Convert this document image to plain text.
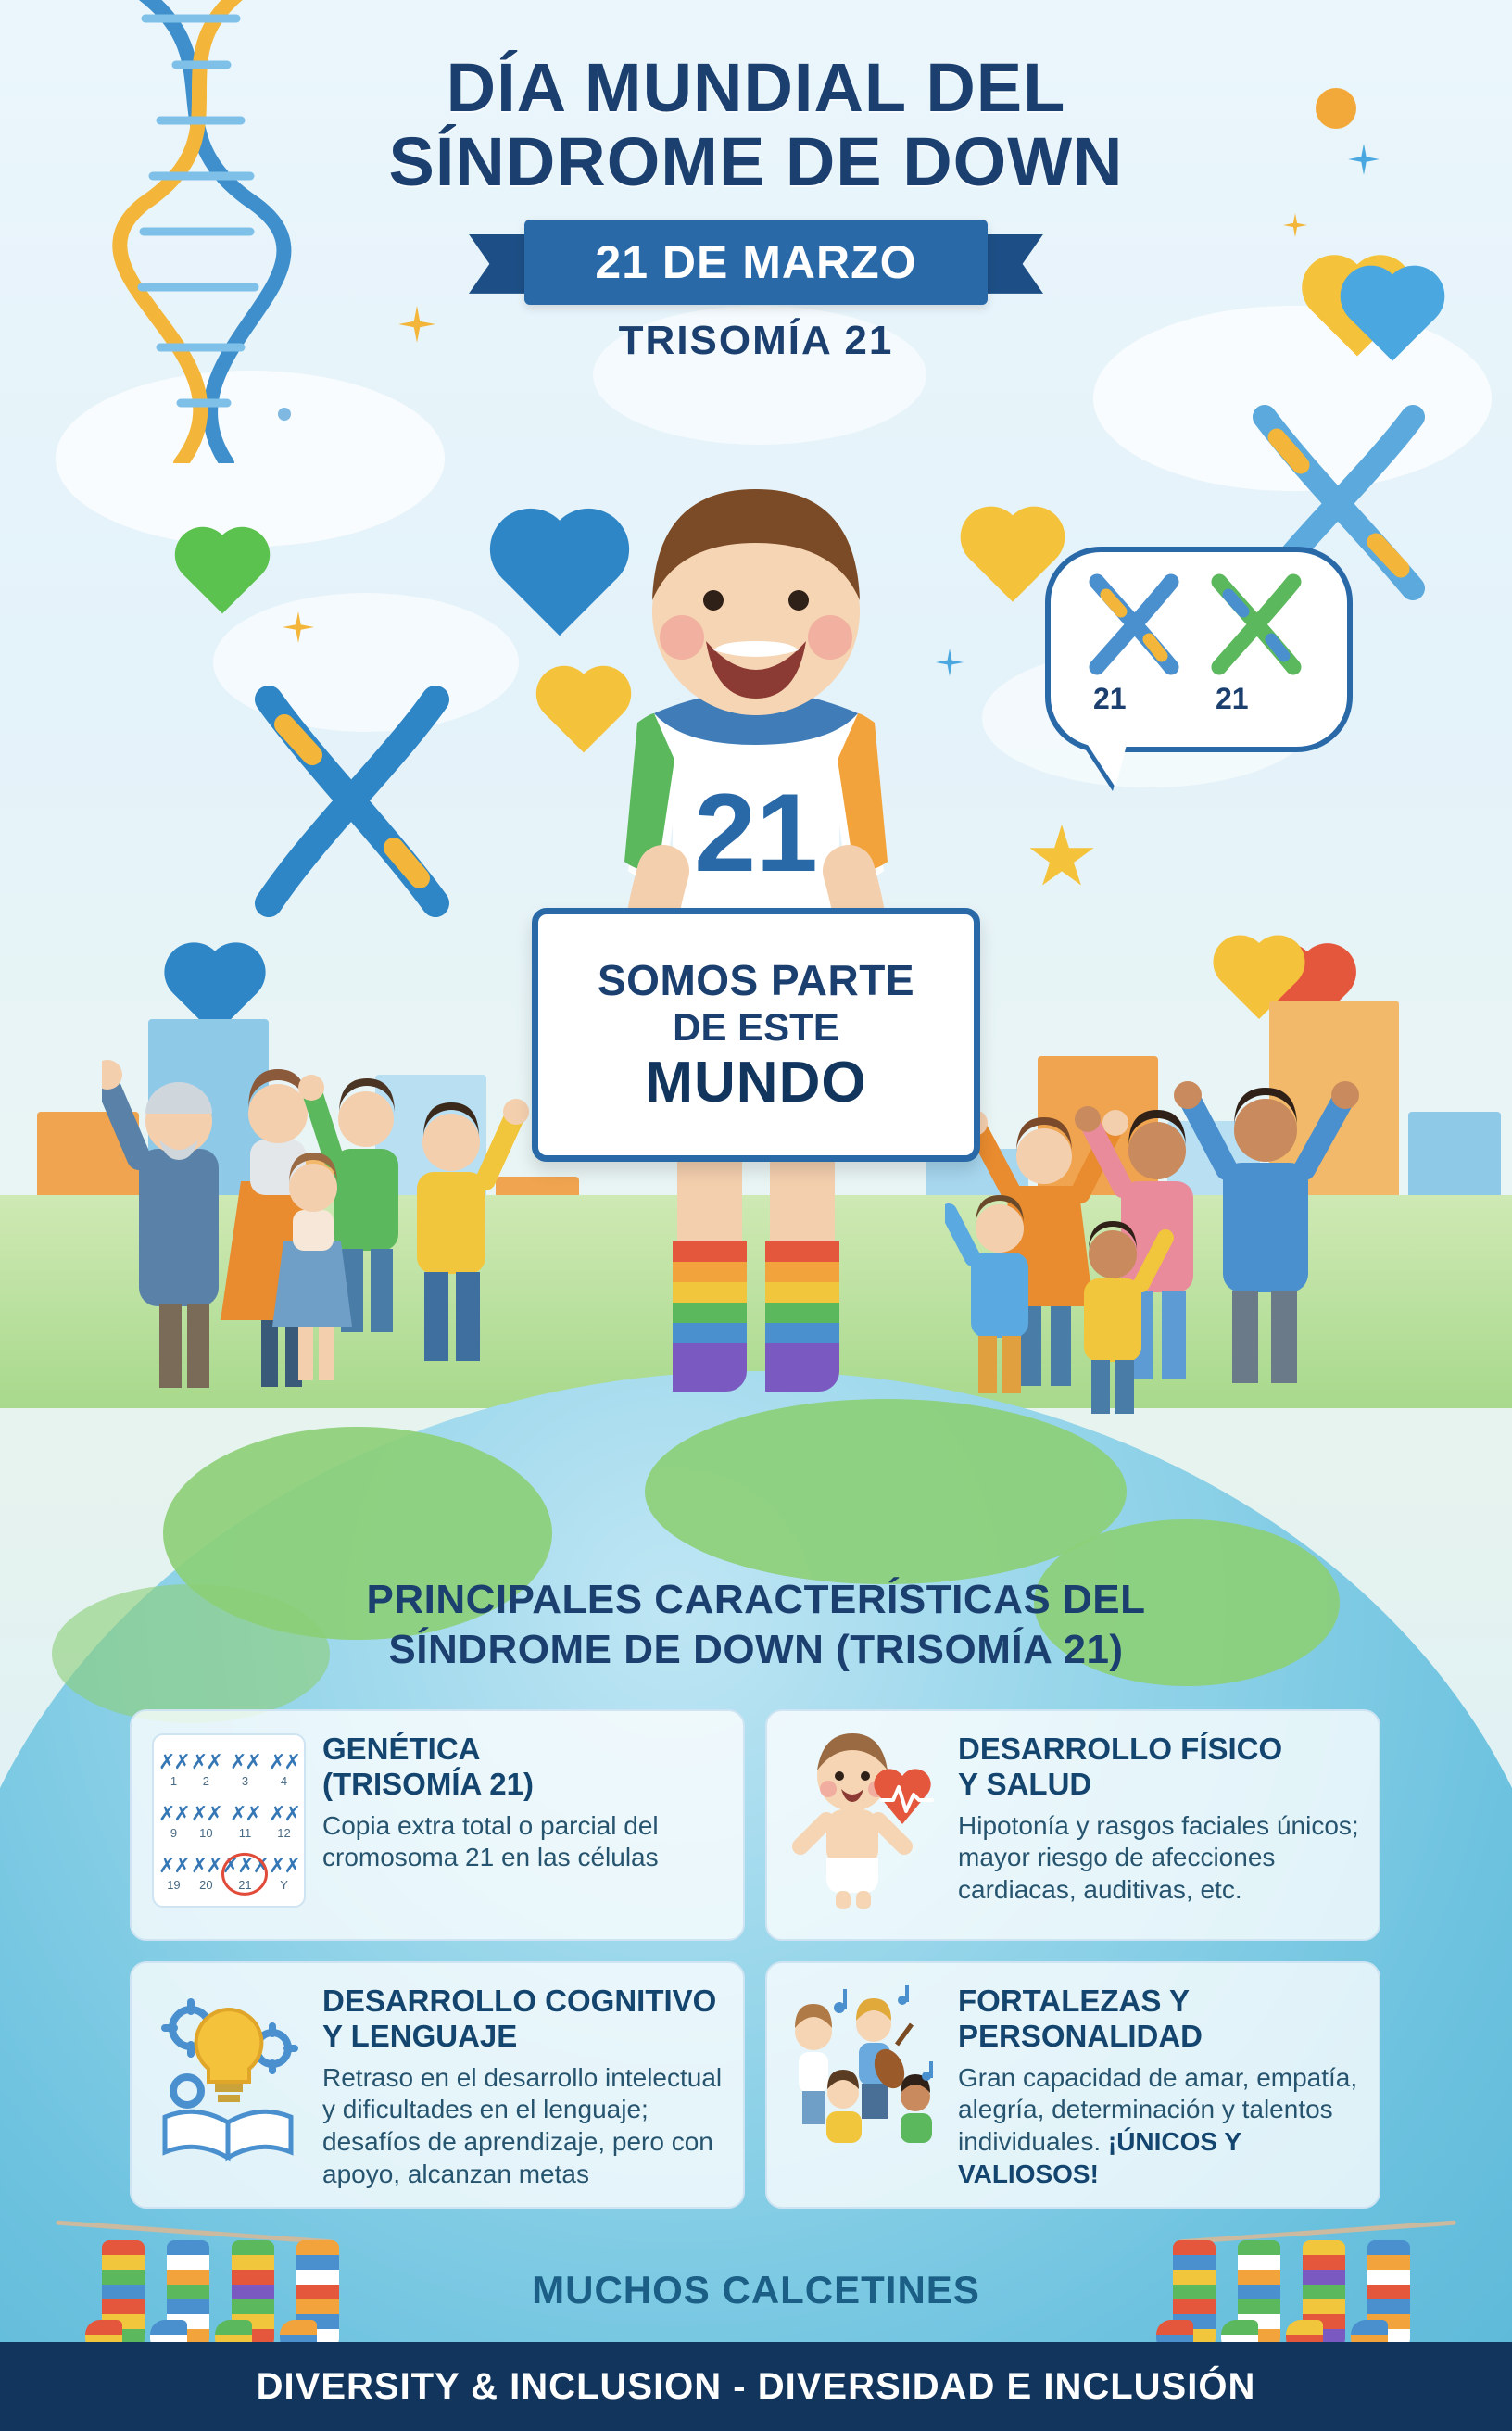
DÍA MUNDIAL DEL
SÍNDROME DE DOWN
21 DE MARZO
TRISOMÍA 21
21
SOMOS PARTE
DE ESTE
MUNDO
21	21
PRINCIPALES CARACTERÍSTICAS DEL
SÍNDROME DE DOWN (TRISOMÍA 21)
✗✗
1
✗✗
2
✗✗
3
✗✗
4
✗✗
9
✗✗
10
✗✗
11
✗✗
12
✗✗
19
✗✗
20
✗✗✗
21
✗✗
Y
GENÉTICA
(TRISOMÍA 21)
Copia extra total o parcial del cromosoma 21 en las células
DESARROLLO FÍSICO
Y SALUD
Hipotonía y rasgos faciales únicos; mayor riesgo de afecciones cardiacas, auditivas, etc.
DESARROLLO COGNITIVO
Y LENGUAJE
Retraso en el desarrollo intelectual y dificultades en el lenguaje; desafíos de aprendizaje, pero con apoyo, alcanzan metas
FORTALEZAS Y
PERSONALIDAD
Gran capacidad de amar, empatía, alegría, determinación y talentos individuales. ¡ÚNICOS Y VALIOSOS!
MUCHOS CALCETINES
DIVERSITY & INCLUSION - DIVERSIDAD E INCLUSIÓN
